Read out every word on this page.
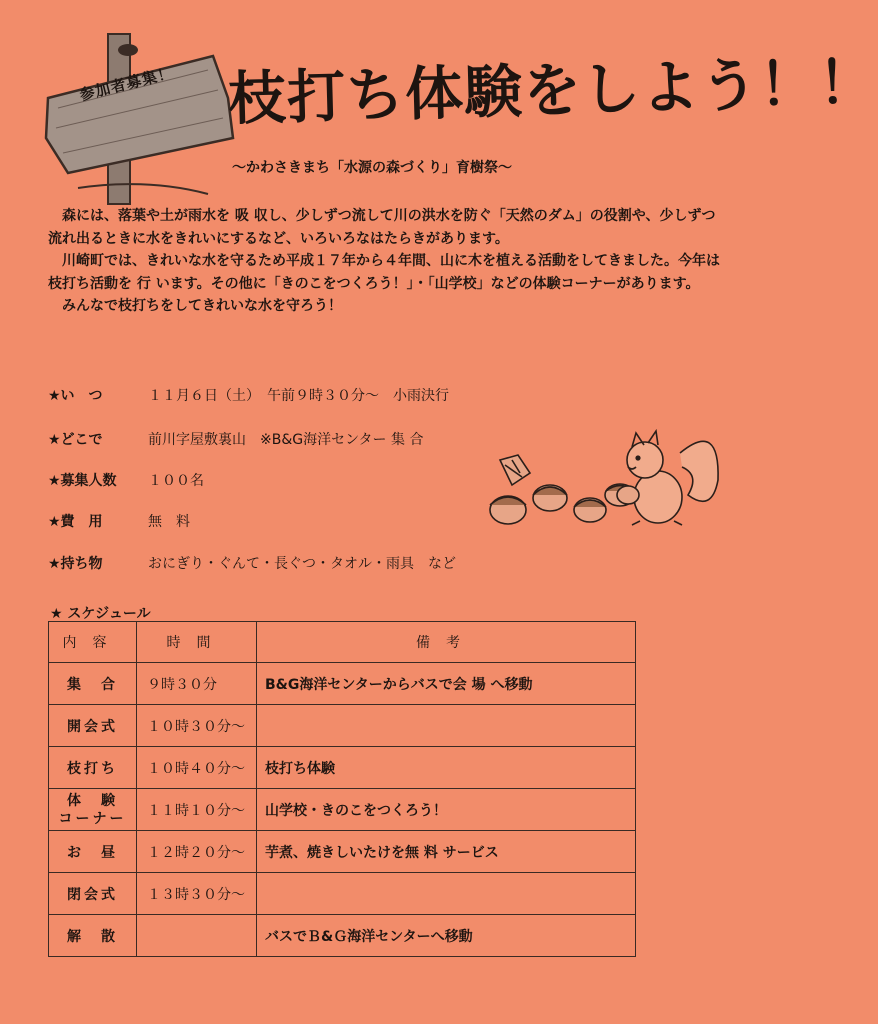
参加者募集！ 枝打ち体験をしよう！！
～かわさきまち「水源の森づくり」育樹祭～

森には、落葉や土が雨水を 吸 収し、少しずつ流して川の洪水を防ぐ「天然のダム」の役割や、少しずつ流れ出るときに水をきれいにするなど、いろいろなはたらきがあります。

川崎町では、きれいな水を守るため平成１７年から４年間、山に木を植える活動をしてきました。今年は枝打ち活動を 行 います。その他に「きのこをつくろう！」・「山学校」などの体験コーナーがあります。

みんなで枝打ちをしてきれいな水を守ろう！

★い　つ	１１月６日（土）　午前９時３０分～　小雨決行
★どこで	前川字屋敷裏山　※B&G海洋センター 集 合
★募集人数 １００名
★費　用	無　料
★持ち物	おにぎり・ぐんて・長ぐつ・タオル・雨具　など
★ スケジュール
内容	時間	備考
集　合	９時３０分	B&G海洋センターからバスで会 場 へ移動
開会式	１０時３０分～	
枝打ち	１０時４０分～	枝打ち体験
体　験
コーナー	１１時１０分～	山学校・きのこをつくろう！
お　昼	１２時２０分～	芋煮、焼きしいたけを無 料 サービス
閉会式	１３時３０分～	
解　散		バスでＢ&Ｇ海洋センターへ移動
